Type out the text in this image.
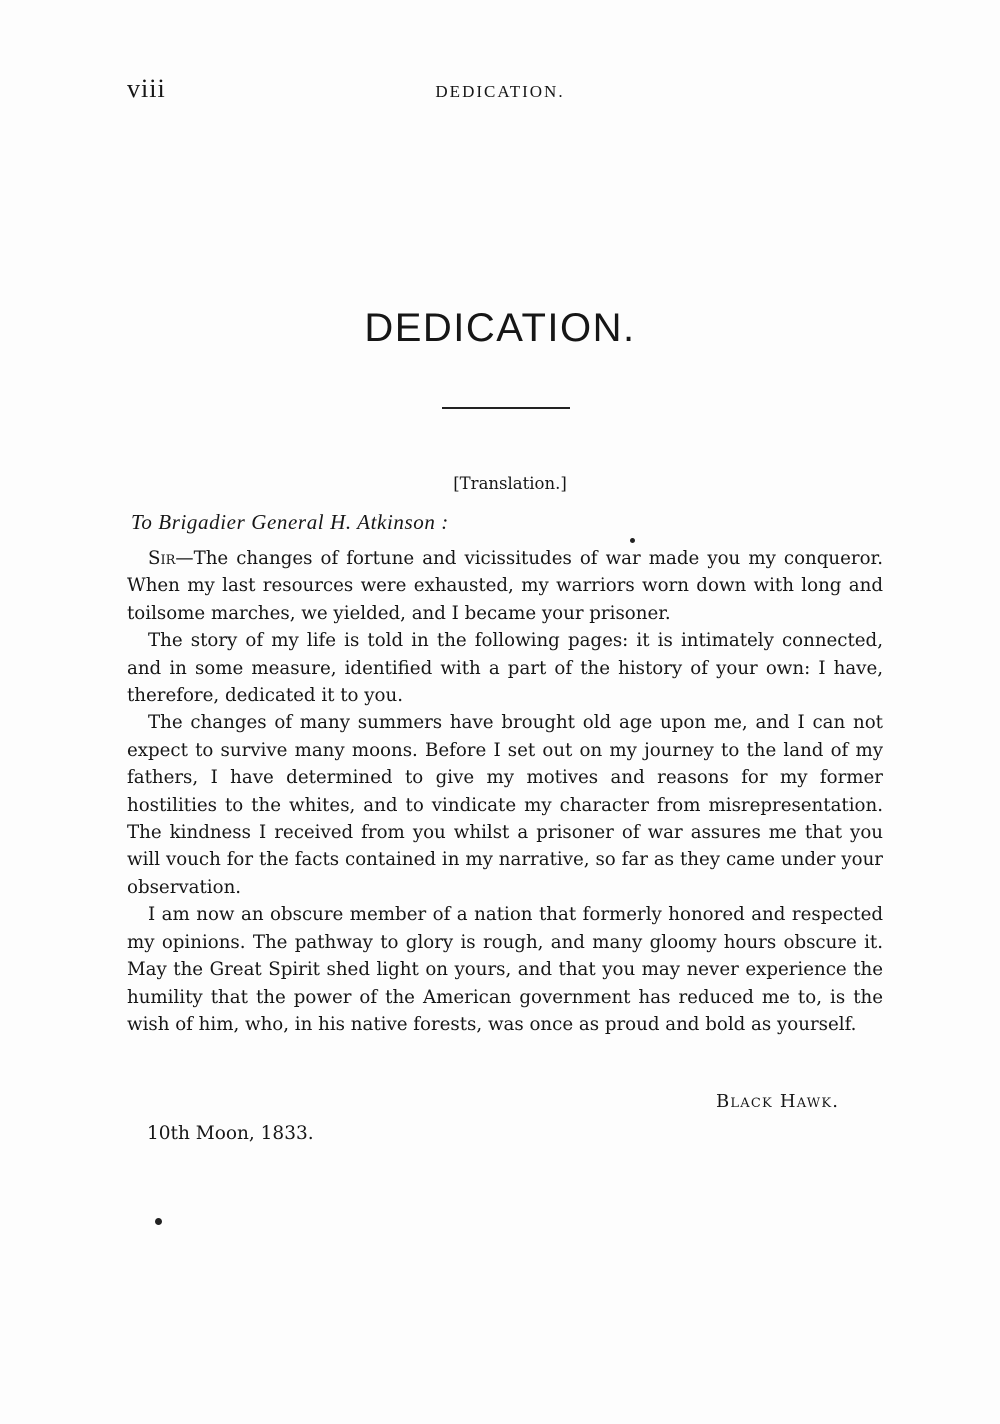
viii	DEDICATION.
DEDICATION.
[Translation.]
To Brigadier General H. Atkinson :

Sir—The changes of fortune and vicissitudes of war made you my conqueror. When my last resources were exhausted, my warriors worn down with long and toilsome marches, we yielded, and I became your prisoner.

The story of my life is told in the following pages: it is intimately connected, and in some measure, identified with a part of the history of your own: I have, therefore, dedicated it to you.

The changes of many summers have brought old age upon me, and I can not expect to survive many moons. Before I set out on my journey to the land of my fathers, I have determined to give my motives and reasons for my former hostilities to the whites, and to vindicate my character from misrepresentation. The kindness I received from you whilst a prisoner of war assures me that you will vouch for the facts contained in my narrative, so far as they came under your observation.

I am now an obscure member of a nation that formerly honored and respected my opinions. The pathway to glory is rough, and many gloomy hours obscure it. May the Great Spirit shed light on yours, and that you may never experience the humility that the power of the American government has reduced me to, is the wish of him, who, in his native forests, was once as proud and bold as yourself.

Black Hawk.
10th Moon, 1833.
